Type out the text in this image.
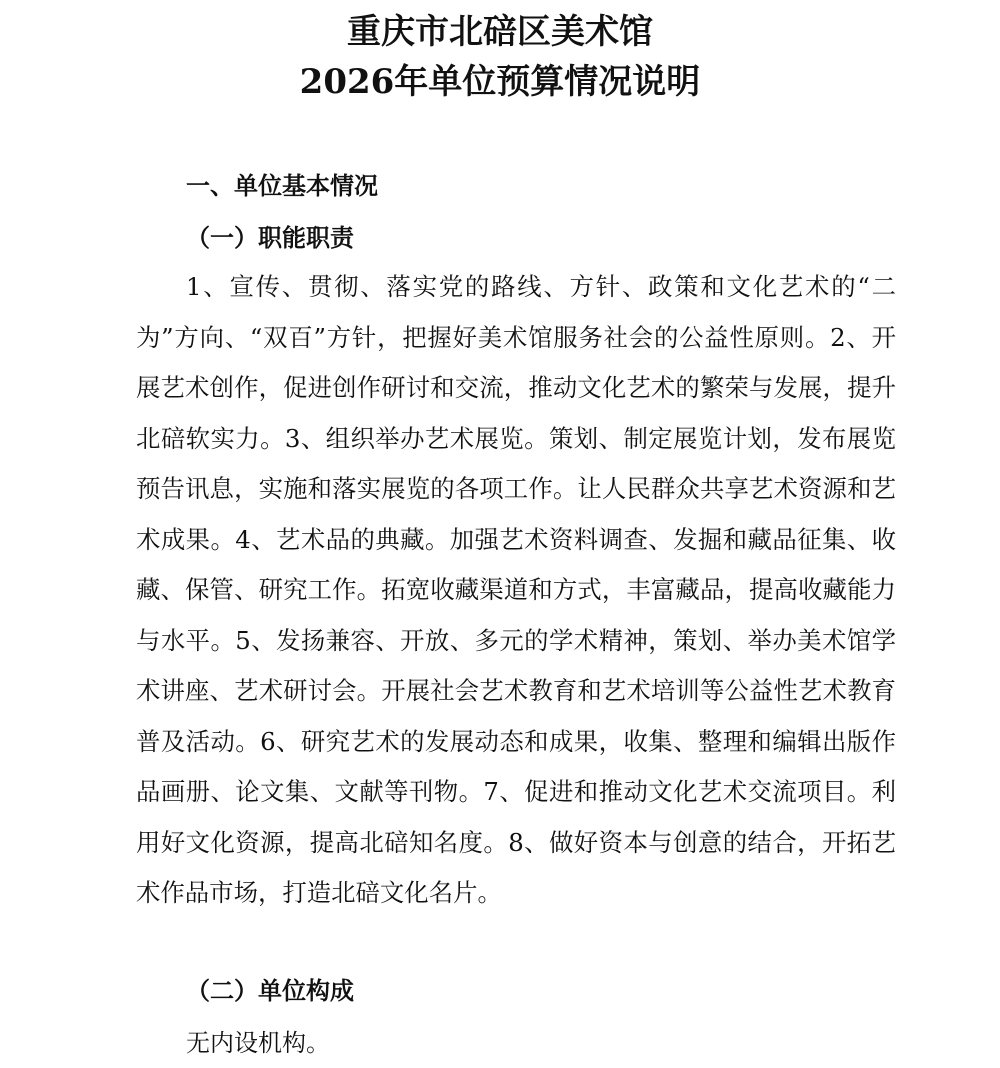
重庆市北碚区美术馆
2026年单位预算情况说明
一、单位基本情况
（一）职能职责

1、宣传、贯彻、落实党的路线、方针、政策和文化艺术的“二为”方向、“双百”方针，把握好美术馆服务社会的公益性原则。2、开展艺术创作，促进创作研讨和交流，推动文化艺术的繁荣与发展，提升北碚软实力。3、组织举办艺术展览。策划、制定展览计划，发布展览预告讯息，实施和落实展览的各项工作。让人民群众共享艺术资源和艺术成果。4、艺术品的典藏。加强艺术资料调查、发掘和藏品征集、收藏、保管、研究工作。拓宽收藏渠道和方式，丰富藏品，提高收藏能力与水平。5、发扬兼容、开放、多元的学术精神，策划、举办美术馆学术讲座、艺术研讨会。开展社会艺术教育和艺术培训等公益性艺术教育普及活动。6、研究艺术的发展动态和成果，收集、整理和编辑出版作品画册、论文集、文献等刊物。7、促进和推动文化艺术交流项目。利用好文化资源，提高北碚知名度。8、做好资本与创意的结合，开拓艺术作品市场，打造北碚文化名片。

（二）单位构成

无内设机构。
